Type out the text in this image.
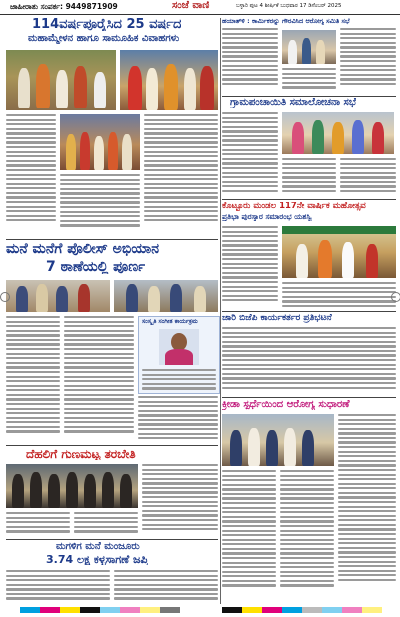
ಜಾಹೀರಾತು ಸಂಪರ್ಕ: 9449871909	ಸಂಜೆ ವಾಣಿ	ಬಳ್ಳಾರಿ ಪುಟ 4 ಶೀರ್ಷಿಕೆ ಬುಧವಾರ 17 ಡಿಸೆಂಬರ್ 2025
114ವರ್ಷಪೂರೈಸಿದ 25 ವರ್ಷದ
ಮಹಾಮ್ಮೇಳನ ಹಾಗೂ ಸಾಮೂಹಿಕ ವಿವಾಹಗಳು
ಹಯಾತ್‌ಳಿ : ಕಾರ್ಮಿಕರನ್ನು ಗೌರವಿಸಿದ ಆರೋಗ್ಯ ಸಮಿತಿ ಸಭೆ
ಗ್ರಾಮಪಂಚಾಯಿತಿ ಸಮಾಲೋಚನಾ ಸಭೆ
ಕೊಟ್ಟೂರು ಮಂಡಲ 117ನೇ ವಾರ್ಷಿಕ ಮಹೋತ್ಸವ
ಪ್ರತಿಭಾ ಪುರಸ್ಕಾರ ಸಮಾರಂಭ ಯಶಸ್ವಿ
ಮನೆ ಮನೆಗೆ ಪೊಲೀಸ್ ಅಭಿಯಾನ
7 ಠಾಣೆಯಲ್ಲಿ ಪೂರ್ಣ
ಸಂಸ್ಕೃತಿ ಸಂಗೀತ ಕಾರ್ಯಕ್ರಮ	ಜಾರಿ ಬಿಜೆಪಿ ಕಾರ್ಯಕರ್ತರ ಪ್ರತಿಭಟನೆ
ದೆಹಲಿಗೆ ಗುಣಮಟ್ಟ ತರಬೇತಿ
ಕ್ರೀಡಾ ಸ್ಪರ್ಧೆಯಿಂದ ಆರೋಗ್ಯ ಸುಧಾರಣೆ
ಮಗಳಿಗ ಮನೆ ಮಂಜೂರು
3.74 ಲಕ್ಷ ಕಳ್ಳಸಾಗಣೆ ಜಪ್ತಿ
